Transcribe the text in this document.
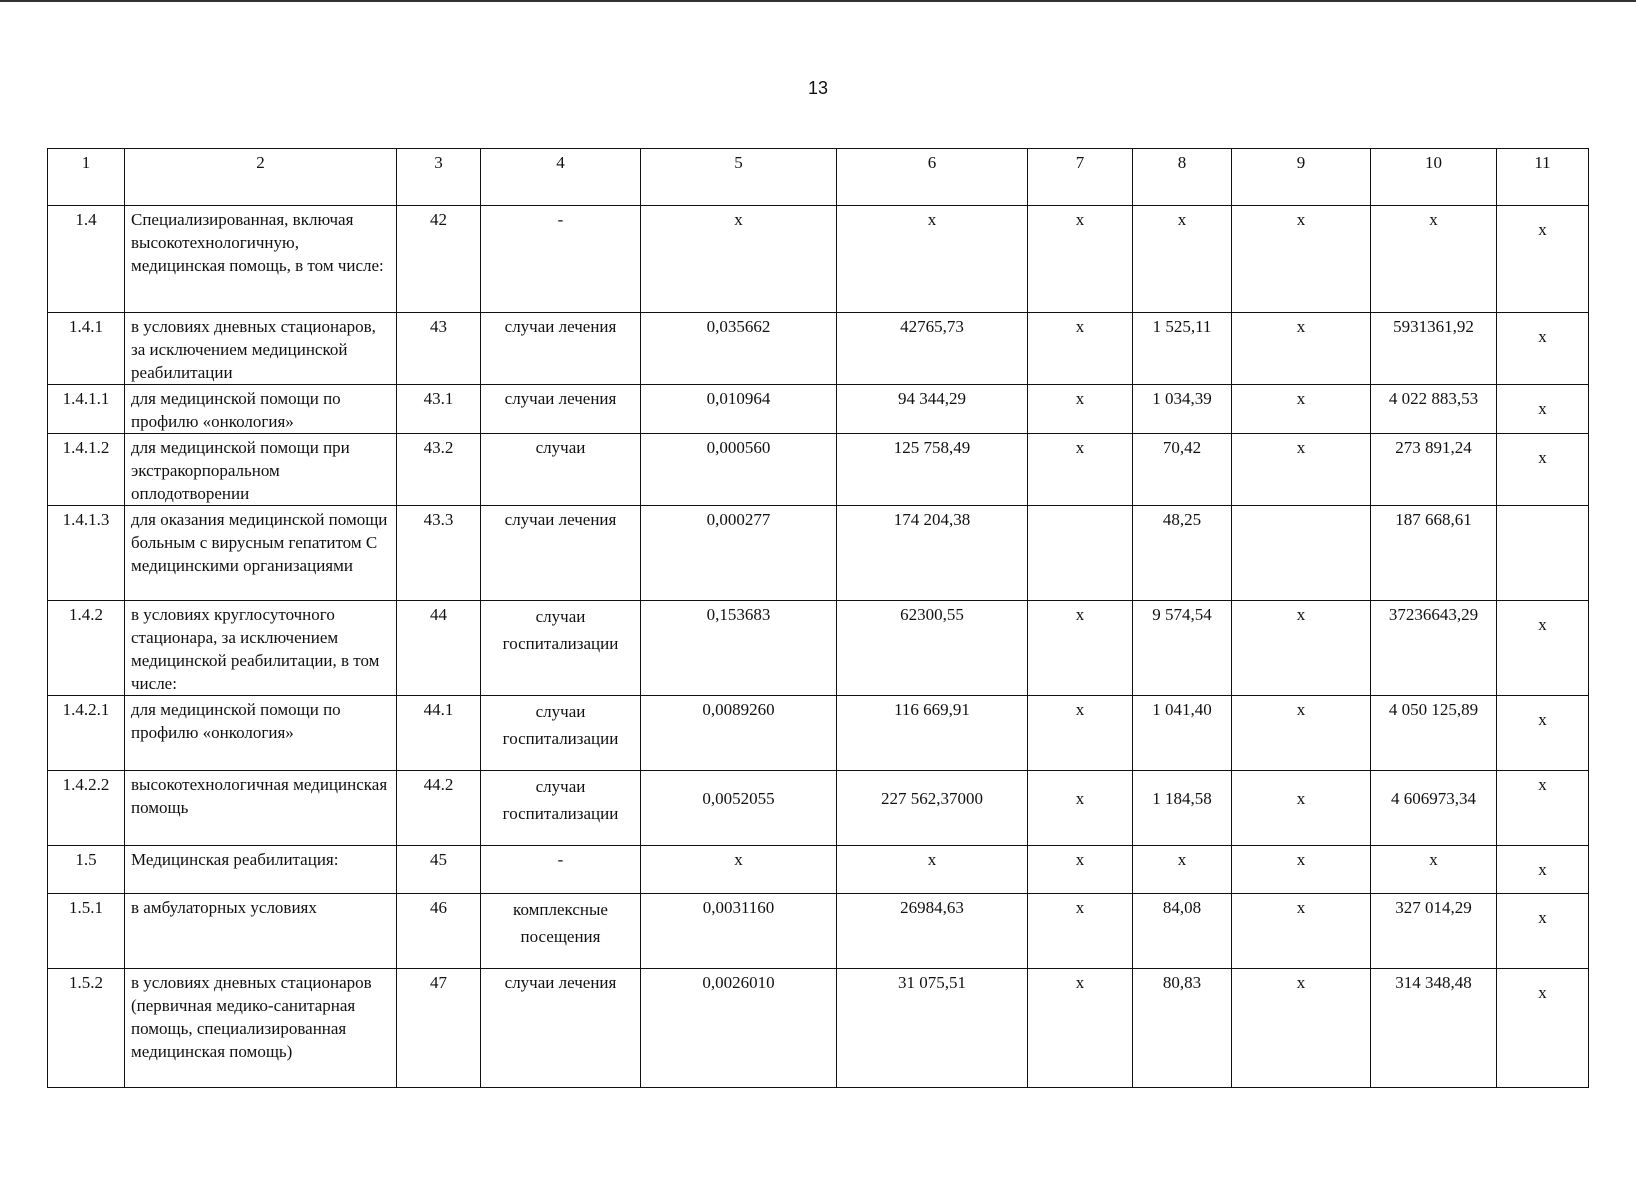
13
1	2	3	4	5	6	7	8	9	10	11
1.4	Специализированная, включая высокотехнологичную, медицинская помощь, в том числе:	42	-	х	х	х	х	х	х	х
1.4.1	в условиях дневных стационаров, за исключением медицинской реабилитации	43	случаи лечения	0,035662	42765,73	х	1 525,11	х	5931361,92	х
1.4.1.1	для медицинской помощи по профилю «онкология»	43.1	случаи лечения	0,010964	94 344,29	х	1 034,39	х	4 022 883,53	х
1.4.1.2	для медицинской помощи при экстракорпоральном оплодотворении	43.2	случаи	0,000560	125 758,49	х	70,42	х	273 891,24	х
1.4.1.3	для оказания медицинской помощи больным с вирусным гепатитом С медицинскими организациями	43.3	случаи лечения	0,000277	174 204,38		48,25		187 668,61	
1.4.2	в условиях круглосуточного стационара, за исключением медицинской реабилитации, в том числе:	44	случаи госпитализации	0,153683	62300,55	х	9 574,54	х	37236643,29	х
1.4.2.1	для медицинской помощи по профилю «онкология»	44.1	случаи госпитализации	0,0089260	116 669,91	х	1 041,40	х	4 050 125,89	х
1.4.2.2	высокотехнологичная медицинская помощь	44.2	случаи госпитализации	0,0052055	227 562,37000	х	1 184,58	х	4 606973,34	х
1.5	Медицинская реабилитация:	45	-	х	х	х	х	х	х	х
1.5.1	в амбулаторных условиях	46	комплексные посещения	0,0031160	26984,63	х	84,08	х	327 014,29	х
1.5.2	в условиях дневных стационаров (первичная медико-санитарная помощь, специализированная медицинская помощь)	47	случаи лечения	0,0026010	31 075,51	х	80,83	х	314 348,48	х
